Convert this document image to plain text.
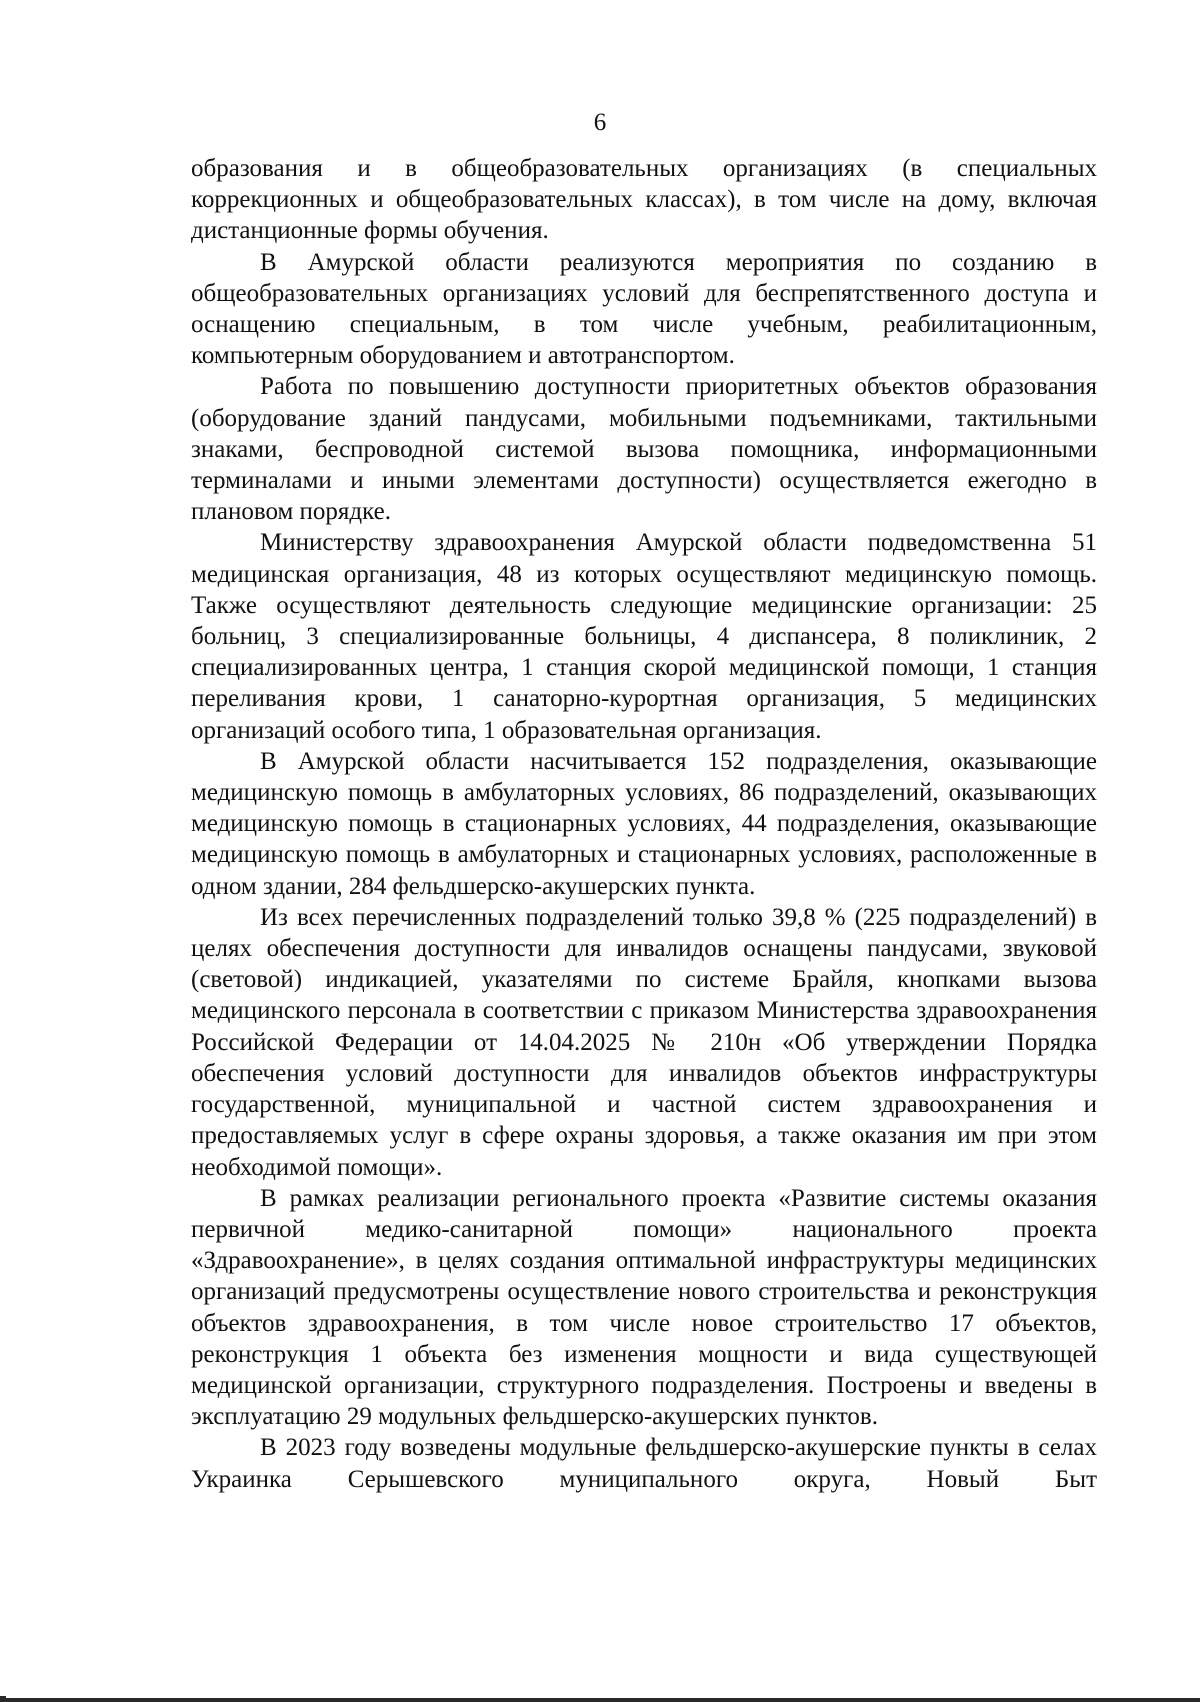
6

образования и в общеобразовательных организациях (в специальных коррекционных и общеобразовательных классах), в том числе на дому, включая дистанционные формы обучения.

В Амурской области реализуются мероприятия по созданию в общеобразовательных организациях условий для беспрепятственного доступа и оснащению специальным, в том числе учебным, реабилитационным, компьютерным оборудованием и автотранспортом.

Работа по повышению доступности приоритетных объектов образования (оборудование зданий пандусами, мобильными подъемниками, тактильными знаками, беспроводной системой вызова помощника, информационными терминалами и иными элементами доступности) осуществляется ежегодно в плановом порядке.

Министерству здравоохранения Амурской области подведомственна 51 медицинская организация, 48 из которых осуществляют медицинскую помощь. Также осуществляют деятельность следующие медицинские организации: 25 больниц, 3 специализированные больницы, 4 диспансера, 8 поликлиник, 2 специализированных центра, 1 станция скорой медицинской помощи, 1 станция переливания крови, 1 санаторно-курортная организация, 5 медицинских организаций особого типа, 1 образовательная организация.

В Амурской области насчитывается 152 подразделения, оказывающие медицинскую помощь в амбулаторных условиях, 86 подразделений, оказывающих медицинскую помощь в стационарных условиях, 44 подразделения, оказывающие медицинскую помощь в амбулаторных и стационарных условиях, расположенные в одном здании, 284 фельдшерско-акушерских пункта.

Из всех перечисленных подразделений только 39,8 % (225 подразделений) в целях обеспечения доступности для инвалидов оснащены пандусами, звуковой (световой) индикацией, указателями по системе Брайля, кнопками вызова медицинского персонала в соответствии с приказом Министерства здравоохранения Российской Федерации от 14.04.2025 № 210н «Об утверждении Порядка обеспечения условий доступности для инвалидов объектов инфраструктуры государственной, муниципальной и частной систем здравоохранения и предоставляемых услуг в сфере охраны здоровья, а также оказания им при этом необходимой помощи».

В рамках реализации регионального проекта «Развитие системы оказания первичной медико-санитарной помощи» национального проекта «Здравоохранение», в целях создания оптимальной инфраструктуры медицинских организаций предусмотрены осуществление нового строительства и реконструкция объектов здравоохранения, в том числе новое строительство 17 объектов, реконструкция 1 объекта без изменения мощности и вида существующей медицинской организации, структурного подразделения. Построены и введены в эксплуатацию 29 модульных фельдшерско-акушерских пунктов.

В 2023 году возведены модульные фельдшерско-акушерские пункты в селах Украинка Серышевского муниципального округа, Новый Быт
